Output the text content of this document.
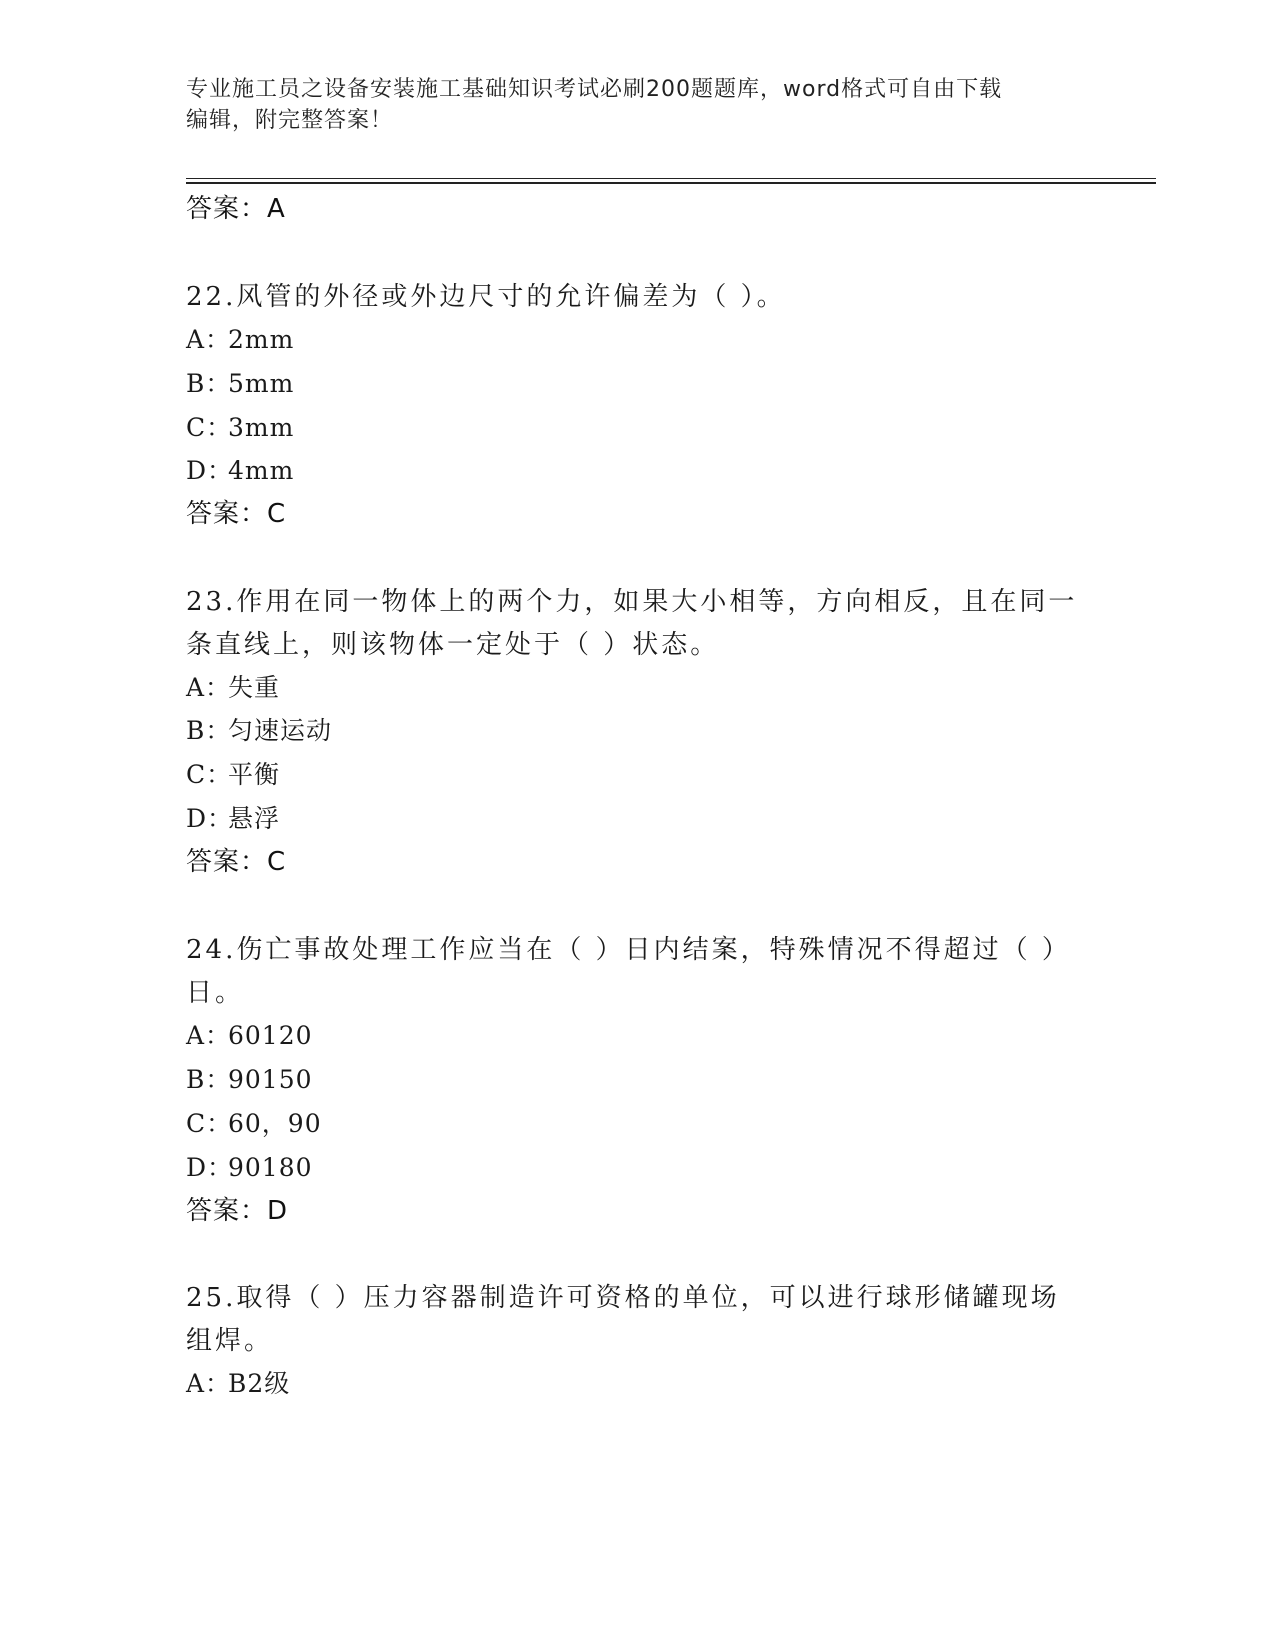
专业施工员之设备安装施工基础知识考试必刷200题题库，word格式可自由下载
编辑，附完整答案！
答案：A
22.风管的外径或外边尺寸的允许偏差为（ ）。
A：2mm
B：5mm
C：3mm
D：4mm
答案：C
23.作用在同一物体上的两个力，如果大小相等，方向相反，且在同一
条直线上，则该物体一定处于（ ）状态。
A：失重
B：匀速运动
C：平衡
D：悬浮
答案：C
24.伤亡事故处理工作应当在（ ）日内结案，特殊情况不得超过（ ）
日。
A：60120
B：90150
C：60，90
D：90180
答案：D
25.取得（ ）压力容器制造许可资格的单位，可以进行球形储罐现场
组焊。
A：B2级
